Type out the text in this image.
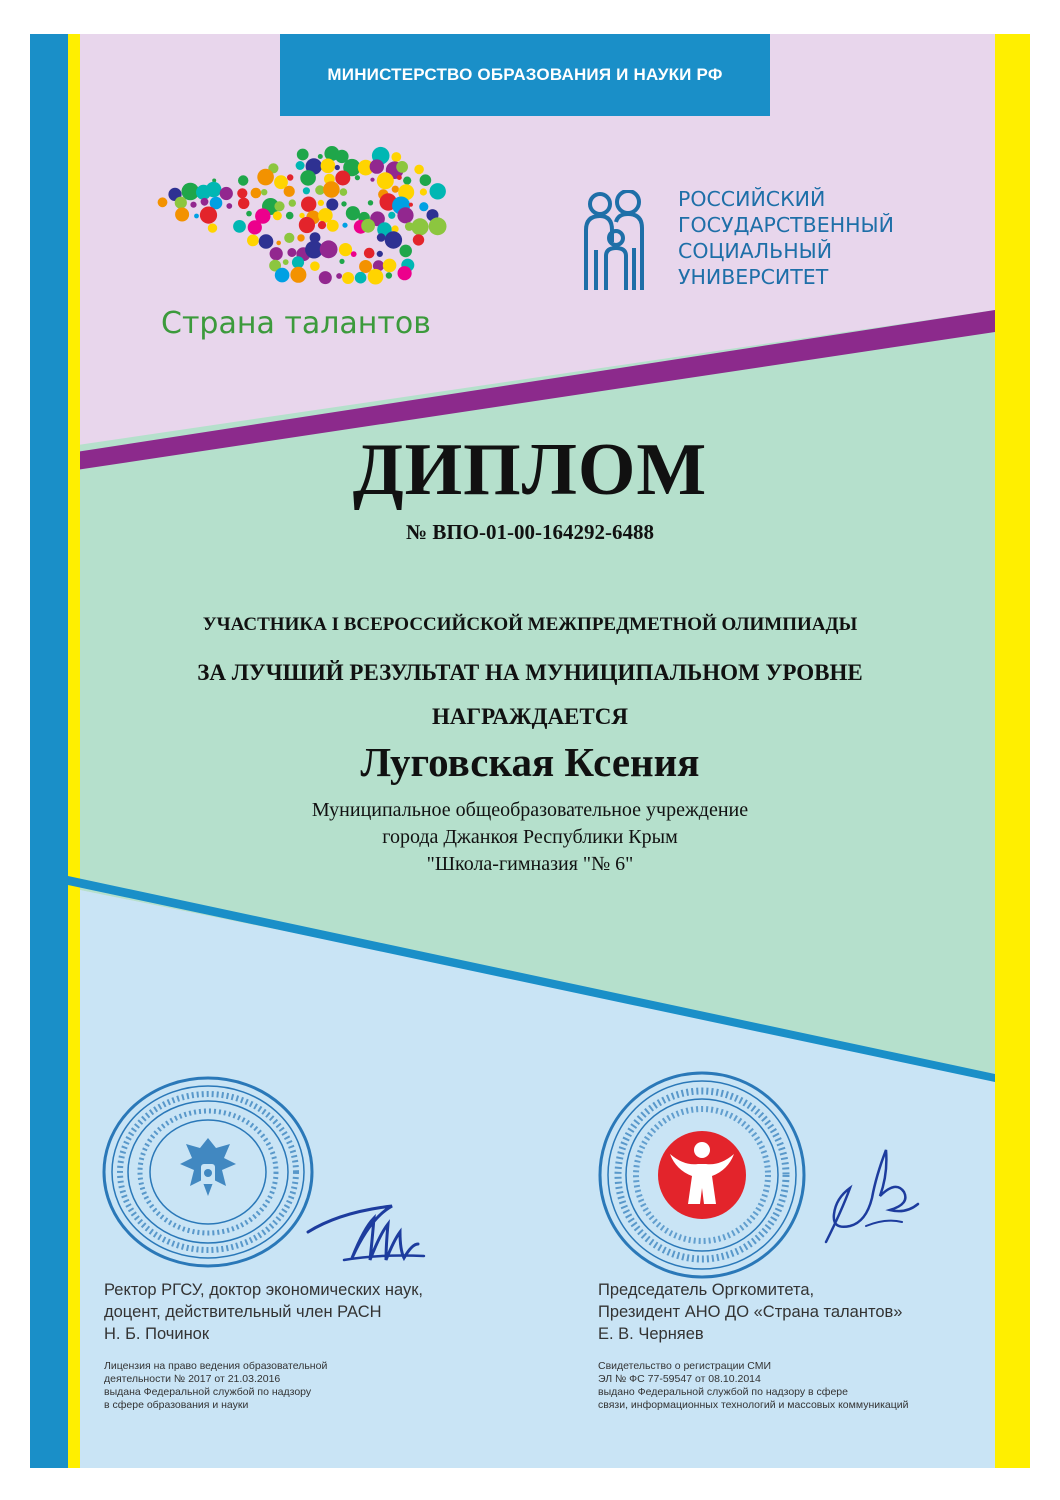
МИНИСТЕРСТВО ОБРАЗОВАНИЯ И НАУКИ РФ
Страна талантов
РОССИЙСКИЙ
ГОСУДАРСТВЕННЫЙ
СОЦИАЛЬНЫЙ
УНИВЕРСИТЕТ
ДИПЛОМ
№ ВПО-01-00-164292-6488
УЧАСТНИКА I ВСЕРОССИЙСКОЙ МЕЖПРЕДМЕТНОЙ ОЛИМПИАДЫ
ЗА ЛУЧШИЙ РЕЗУЛЬТАТ НА МУНИЦИПАЛЬНОМ УРОВНЕ
НАГРАЖДАЕТСЯ
Луговская Ксения
Муниципальное общеобразовательное учреждение
города Джанкоя Республики Крым
"Школа-гимназия "№ 6"
Ректор РГСУ, доктор экономических наук,
доцент, действительный член РАСН
Н. Б. Починок
Председатель Оргкомитета,
Президент АНО ДО «Страна талантов»
Е. В. Черняев
Лицензия на право ведения образовательной
деятельности № 2017 от 21.03.2016
выдана Федеральной службой по надзору
в сфере образования и науки
Свидетельство о регистрации СМИ
ЭЛ № ФС 77-59547 от 08.10.2014
выдано Федеральной службой по надзору в сфере
связи, информационных технологий и массовых коммуникаций
